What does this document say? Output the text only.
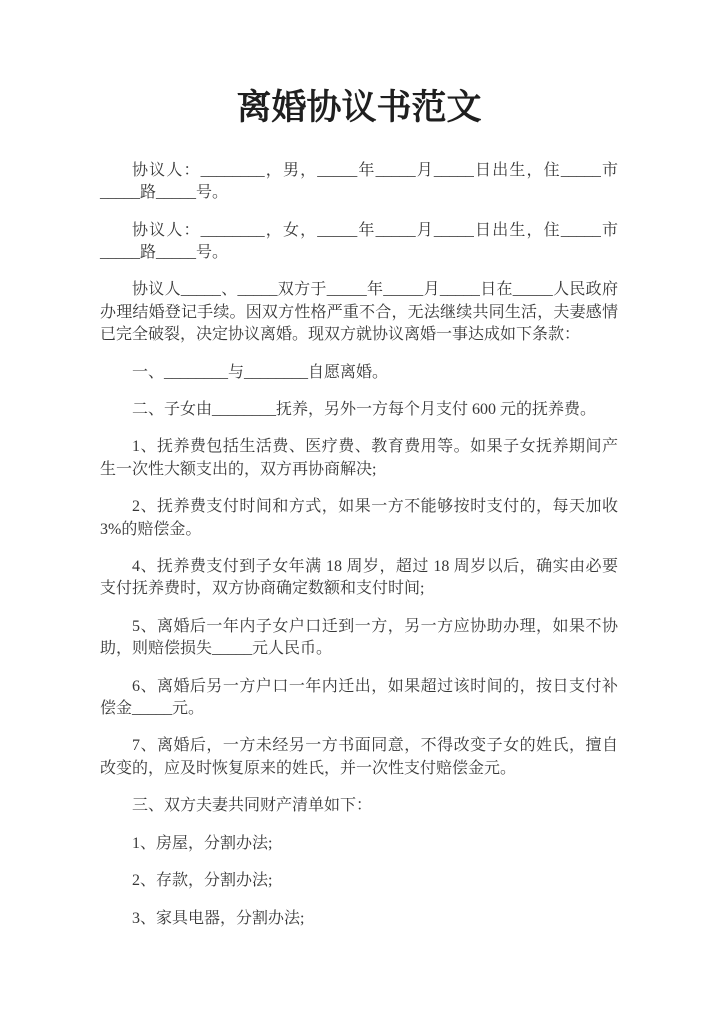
离婚协议书范文

协议人：________，男，_____年_____月_____日出生，住_____市_____路_____号。

协议人：________，女，_____年_____月_____日出生，住_____市_____路_____号。

协议人_____、_____双方于_____年_____月_____日在_____人民政府办理结婚登记手续。因双方性格严重不合，无法继续共同生活，夫妻感情已完全破裂，决定协议离婚。现双方就协议离婚一事达成如下条款：

一、________与________自愿离婚。

二、子女由________抚养，另外一方每个月支付 600 元的抚养费。

1、抚养费包括生活费、医疗费、教育费用等。如果子女抚养期间产生一次性大额支出的，双方再协商解决;

2、抚养费支付时间和方式，如果一方不能够按时支付的，每天加收 3%的赔偿金。

4、抚养费支付到子女年满 18 周岁，超过 18 周岁以后，确实由必要支付抚养费时，双方协商确定数额和支付时间;

5、离婚后一年内子女户口迁到一方，另一方应协助办理，如果不协助，则赔偿损失_____元人民币。

6、离婚后另一方户口一年内迁出，如果超过该时间的，按日支付补偿金_____元。

7、离婚后，一方未经另一方书面同意，不得改变子女的姓氏，擅自改变的，应及时恢复原来的姓氏，并一次性支付赔偿金元。

三、双方夫妻共同财产清单如下：

1、房屋，分割办法;

2、存款，分割办法;

3、家具电器，分割办法;
